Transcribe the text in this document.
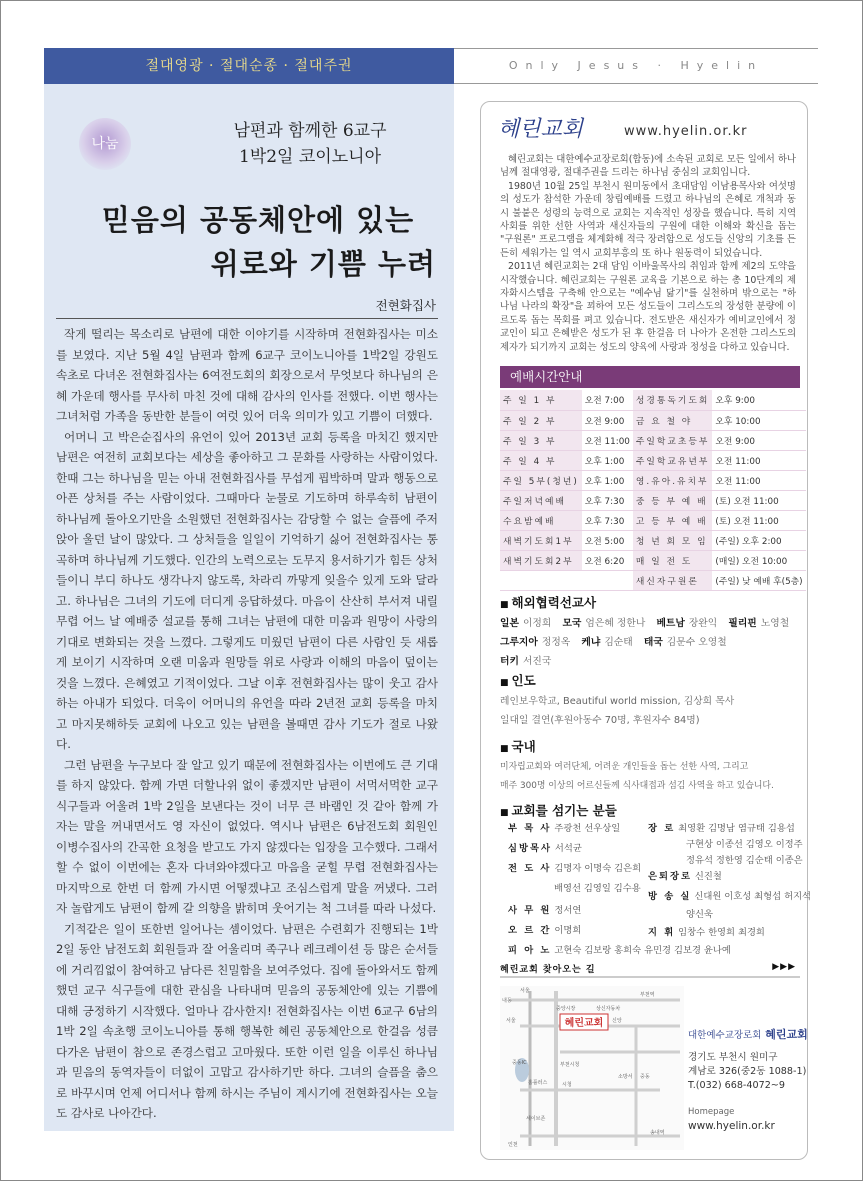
절대영광 · 절대순종 · 절대주권	Only Jesus · Hyelin
나눔
남편과 함께한 6교구
1박2일 코이노니아
믿음의 공동체안에 있는
위로와 기쁨 누려
전현화집사

작게 떨리는 목소리로 남편에 대한 이야기를 시작하며 전현화집사는 미소를 보였다. 지난 5월 4일 남편과 함께 6교구 코이노니아를 1박2일 강원도 속초로 다녀온 전현화집사는 6여전도회의 회장으로서 무엇보다 하나님의 은혜 가운데 행사를 무사히 마친 것에 대해 감사의 인사를 전했다. 이번 행사는 그녀처럼 가족을 동반한 분들이 여럿 있어 더욱 의미가 있고 기쁨이 더했다.

어머니 고 박은순집사의 유언이 있어 2013년 교회 등록을 마치긴 했지만 남편은 여전히 교회보다는 세상을 좋아하고 그 문화를 사랑하는 사람이었다. 한때 그는 하나님을 믿는 아내 전현화집사를 무섭게 핍박하며 말과 행동으로 아픈 상처를 주는 사람이었다. 그때마다 눈물로 기도하며 하루속히 남편이 하나님께 돌아오기만을 소원했던 전현화집사는 감당할 수 없는 슬픔에 주저앉아 울던 날이 많았다. 그 상처들을 일일이 기억하기 싫어 전현화집사는 통곡하며 하나님께 기도했다. 인간의 노력으로는 도무지 용서하기가 힘든 상처들이니 부디 하나도 생각나지 않도록, 차라리 까맣게 잊을수 있게 도와 달라고. 하나님은 그녀의 기도에 더디게 응답하셨다. 마음이 산산히 부서져 내릴 무렵 어느 날 예배중 설교를 통해 그녀는 남편에 대한 미움과 원망이 사랑의 기대로 변화되는 것을 느꼈다. 그렇게도 미웠던 남편이 다른 사람인 듯 새롭게 보이기 시작하며 오랜 미움과 원망들 위로 사랑과 이해의 마음이 덮이는 것을 느꼈다. 은혜였고 기적이었다. 그날 이후 전현화집사는 많이 웃고 감사하는 아내가 되었다. 더욱이 어머니의 유언을 따라 2년전 교회 등록을 마치고 마지못해하듯 교회에 나오고 있는 남편을 볼때면 감사 기도가 절로 나왔다.

그런 남편을 누구보다 잘 알고 있기 때문에 전현화집사는 이번에도 큰 기대를 하지 않았다. 함께 가면 더할나위 없이 좋겠지만 남편이 서먹서먹한 교구 식구들과 어울려 1박 2일을 보낸다는 것이 너무 큰 바램인 것 같아 함께 가자는 말을 꺼내면서도 영 자신이 없었다. 역시나 남편은 6남전도회 회원인 이병수집사의 간곡한 요청을 받고도 가지 않겠다는 입장을 고수했다. 그래서 할 수 없이 이번에는 혼자 다녀와야겠다고 마음을 굳힐 무렵 전현화집사는 마지막으로 한번 더 함께 가시면 어떻겠냐고 조심스럽게 말을 꺼냈다. 그러자 놀랍게도 남편이 함께 갈 의향을 밝히며 웃어기는 척 그녀를 따라 나섰다.

기적같은 일이 또한번 일어나는 셈이었다. 남편은 수련회가 진행되는 1박 2일 동안 남전도회 회원들과 잘 어울리며 족구나 레크레이션 등 많은 순서들에 거리낌없이 참여하고 남다른 친밀함을 보여주었다. 집에 돌아와서도 함께했던 교구 식구들에 대한 관심을 나타내며 믿음의 공동체안에 있는 기쁨에 대해 긍정하기 시작했다. 얼마나 감사한지! 전현화집사는 이번 6교구 6남의 1박 2일 속초행 코이노니아를 통해 행복한 혜린 공동체안으로 한걸음 성큼 다가온 남편이 참으로 존경스럽고 고마웠다. 또한 이런 일을 이루신 하나님과 믿음의 동역자들이 더없이 고맙고 감사하기만 하다. 그녀의 슬픔을 춤으로 바꾸시며 언제 어디서나 함께 하시는 주님이 계시기에 전현화집사는 오늘도 감사로 나아간다.

혜린교회	www.hyelin.or.kr

혜린교회는 대한예수교장로회(합동)에 소속된 교회로 모든 일에서 하나님께 절대영광, 절대주권을 드리는 하나님 중심의 교회입니다.

1980년 10월 25일 부천시 원미동에서 초대담임 이남용목사와 여섯명의 성도가 참석한 가운데 창립예배를 드렸고 하나님의 은혜로 개척과 동시 불붙은 성령의 능력으로 교회는 지속적인 성장을 했습니다. 특히 지역사회를 위한 선한 사역과 새신자들의 구원에 대한 이해와 확신을 돕는 "구원론" 프로그램을 체계화해 적극 장려함으로 성도들 신앙의 기초를 든든히 세워가는 일 역시 교회부흥의 또 하나 원동력이 되었습니다.

2011년 혜린교회는 2대 담임 이바울목사의 취임과 함께 제2의 도약을 시작했습니다. 혜린교회는 구원론 교육을 기본으로 하는 총 10단계의 제자화시스템을 구축해 안으로는 "예수님 닮기"를 실천하며 밖으로는 "하나님 나라의 확장"을 꾀하여 모든 성도들이 그리스도의 장성한 분량에 이르도록 돕는 목회를 펴고 있습니다. 전도받은 새신자가 예비교인에서 정교인이 되고 은혜받은 성도가 된 후 한걸음 더 나아가 온전한 그리스도의 제자가 되기까지 교회는 성도의 양육에 사랑과 정성을 다하고 있습니다.

예배시간안내
주 일 1 부	오전 7:00		성경통독기도회	오후 9:00
주 일 2 부	오전 9:00		금 요 철 야	오후 10:00
주 일 3 부	오전 11:00		주일학교초등부	오전 9:00
주 일 4 부	오후 1:00		주일학교유년부	오전 11:00
주일 5부(청년)	오후 1:00		영.유아.유치부	오전 11:00
주일저녁예배	오후 7:30		중 등 부 예 배	(토) 오전 11:00
수요밤예배	오후 7:30		고 등 부 예 배	(토) 오전 11:00
새벽기도회1부	오전 5:00		청 년 회 모 임	(주일) 오후 2:00
새벽기도회2부	오전 6:20		매 일 전 도	(매일) 오전 10:00
			새신자구원론	(주일) 낮 예배 후(5층)
■ 해외협력선교사
일본 이정희 모국 엄은혜 정한나 베트남 장완익 필리핀 노영철
그루지아 정정옥 케냐 김순태 태국 김문수 오영철
터키 서진국
■ 인도
레인보우학교, Beautiful world mission, 김상희 목사
일대일 결연(후원아동수 70명, 후원자수 84명)
■ 국내
미자립교회와 여러단체, 어려운 개인들을 돕는 선한 사역, 그리고
매주 300명 이상의 어르신들께 식사대접과 섬김 사역을 하고 있습니다.
■ 교회를 섬기는 분들
부 목 사 주광천 선우상일
심방목사 서석균
전 도 사 김명자 이명숙 김은희
배영선 김영일 김수용
사 무 원 정서연
오 르 간 이명희
피 아 노 고현숙 김보랑 홍희숙 유민경 김보경 윤나예
장 로 최영환 김명남 염규태 김용섭
구현상 이종선 김영오 이정주
정유석 정한영 김순태 이종은
은퇴장로 신진철
방 송 실 신대원 이호성 최형섭 허지석
양신욱
지 휘 임창수 한영희 최경희
혜린교회 찾아오는 길	▶▶▶
혜린교회
서울
부천역
내동
중앙시장	상신자동차
신앙
소방서
홈플러스
중동
송내역
서울
세이브존
인천
중동IC	부천시청
시청
대한예수교장로회 혜린교회
경기도 부천시 원미구
계남로 326(중2동 1088-1)
T.(032) 668-4072~9
Homepage
www.hyelin.or.kr
